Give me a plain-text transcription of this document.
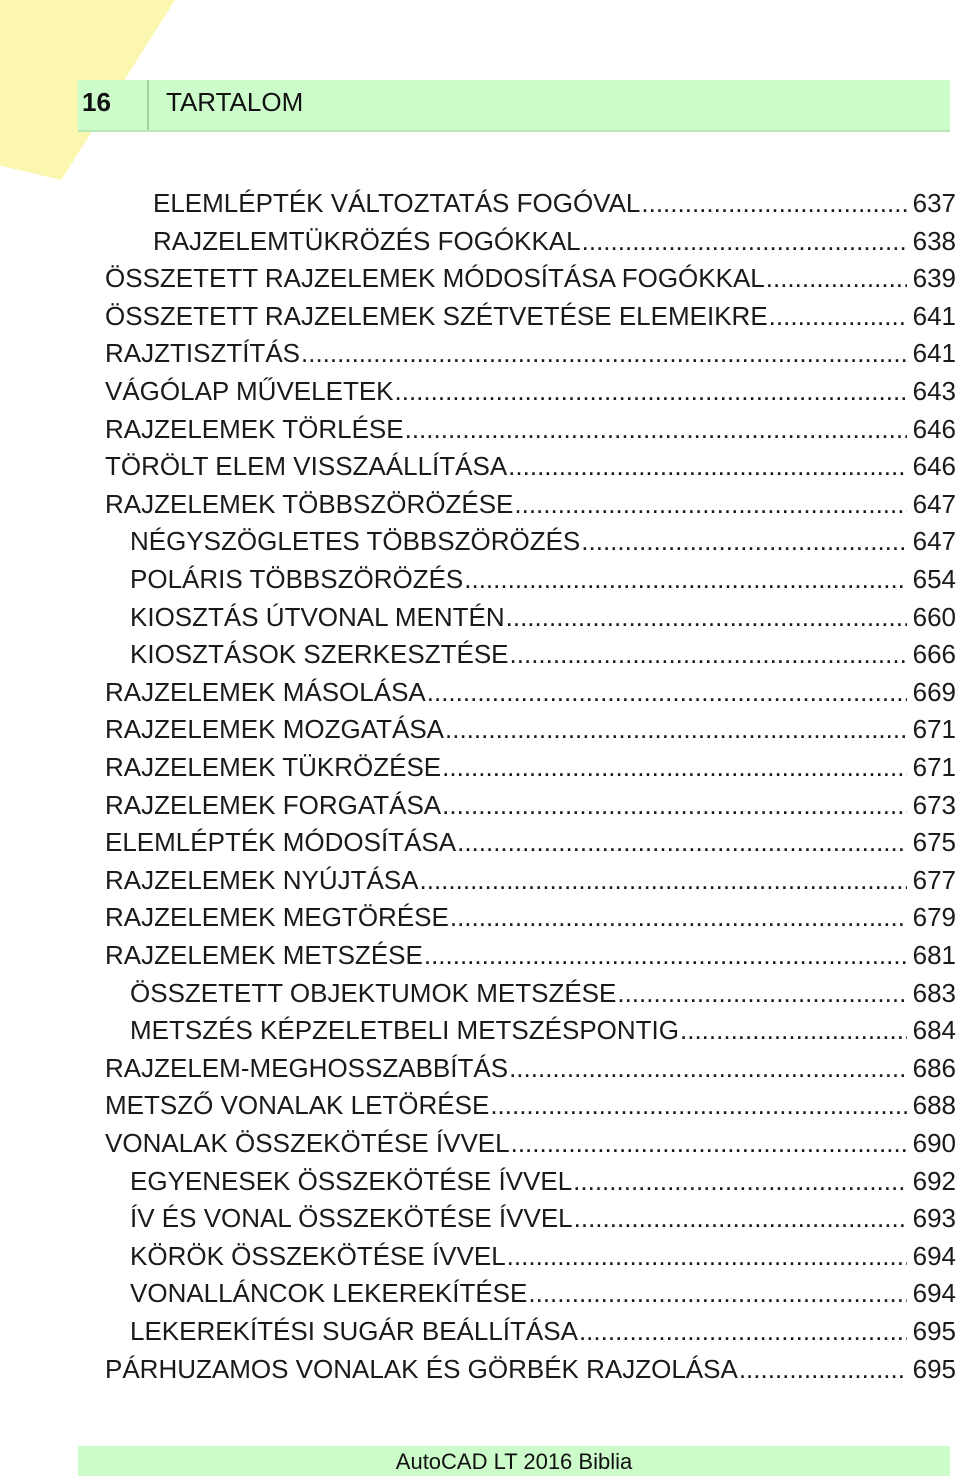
16 TARTALOM
ELEMLÉPTÉK VÁLTOZTATÁS FOGÓVAL .....	637
RAJZELEMTÜKRÖZÉS FOGÓKKAL .....	638
ÖSSZETETT RAJZELEMEK MÓDOSÍTÁSA FOGÓKKAL .....	639
ÖSSZETETT RAJZELEMEK SZÉTVETÉSE ELEMEIKRE .....	641
RAJZTISZTÍTÁS .....	641
VÁGÓLAP MŰVELETEK .....	643
RAJZELEMEK TÖRLÉSE .....	646
TÖRÖLT ELEM VISSZAÁLLÍTÁSA .....	646
RAJZELEMEK TÖBBSZÖRÖZÉSE .....	647
NÉGYSZÖGLETES TÖBBSZÖRÖZÉS .....	647
POLÁRIS TÖBBSZÖRÖZÉS .....	654
KIOSZTÁS ÚTVONAL MENTÉN .....	660
KIOSZTÁSOK SZERKESZTÉSE .....	666
RAJZELEMEK MÁSOLÁSA .....	669
RAJZELEMEK MOZGATÁSA .....	671
RAJZELEMEK TÜKRÖZÉSE .....	671
RAJZELEMEK FORGATÁSA .....	673
ELEMLÉPTÉK MÓDOSÍTÁSA .....	675
RAJZELEMEK NYÚJTÁSA .....	677
RAJZELEMEK MEGTÖRÉSE .....	679
RAJZELEMEK METSZÉSE .....	681
ÖSSZETETT OBJEKTUMOK METSZÉSE .....	683
METSZÉS KÉPZELETBELI METSZÉSPONTIG .....	684
RAJZELEM-MEGHOSSZABBÍTÁS .....	686
METSZŐ VONALAK LETÖRÉSE .....	688
VONALAK ÖSSZEKÖTÉSE ÍVVEL .....	690
EGYENESEK ÖSSZEKÖTÉSE ÍVVEL .....	692
ÍV ÉS VONAL ÖSSZEKÖTÉSE ÍVVEL .....	693
KÖRÖK ÖSSZEKÖTÉSE ÍVVEL .....	694
VONALLÁNCOK LEKEREKÍTÉSE .....	694
LEKEREKÍTÉSI SUGÁR BEÁLLÍTÁSA .....	695
PÁRHUZAMOS VONALAK ÉS GÖRBÉK RAJZOLÁSA .....	695
AutoCAD LT 2016 Biblia
